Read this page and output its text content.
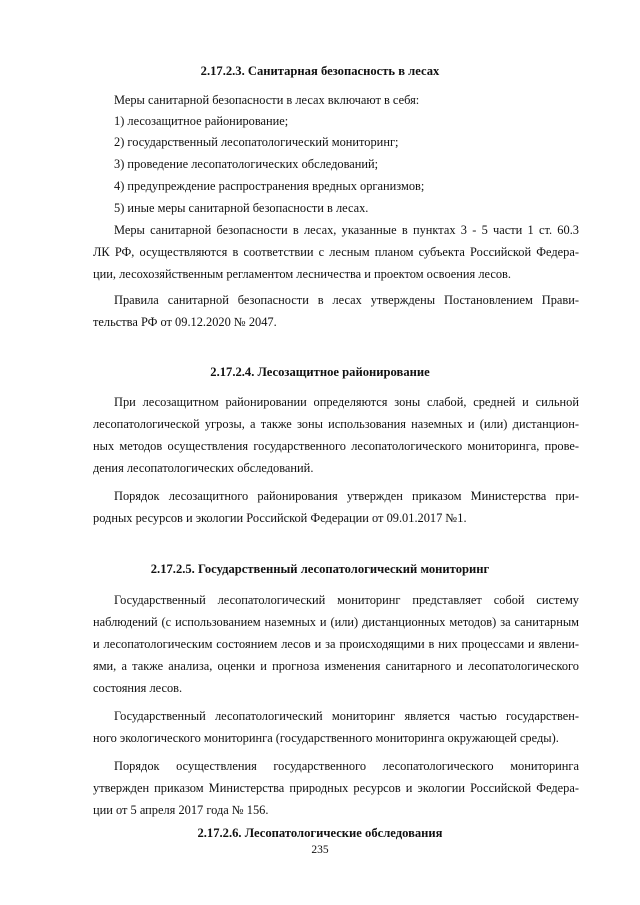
2.17.2.3. Санитарная безопасность в лесах
Меры санитарной безопасности в лесах включают в себя:
1) лесозащитное районирование;
2) государственный лесопатологический мониторинг;
3) проведение лесопатологических обследований;
4) предупреждение распространения вредных организмов;
5) иные меры санитарной безопасности в лесах.
Меры санитарной безопасности в лесах, указанные в пунктах 3 - 5 части 1 ст. 60.3
ЛК РФ, осуществляются в соответствии с лесным планом субъекта Российской Федера-
ции, лесохозяйственным регламентом лесничества и проектом освоения лесов.
Правила санитарной безопасности в лесах утверждены Постановлением Прави-
тельства РФ от 09.12.2020 № 2047.
2.17.2.4. Лесозащитное районирование
При лесозащитном районировании определяются зоны слабой, средней и сильной
лесопатологической угрозы, а также зоны использования наземных и (или) дистанцион-
ных методов осуществления государственного лесопатологического мониторинга, прове-
дения лесопатологических обследований.
Порядок лесозащитного районирования утвержден приказом Министерства при-
родных ресурсов и экологии Российской Федерации от 09.01.2017 №1.
2.17.2.5. Государственный лесопатологический мониторинг
Государственный лесопатологический мониторинг представляет собой систему
наблюдений (с использованием наземных и (или) дистанционных методов) за санитарным
и лесопатологическим состоянием лесов и за происходящими в них процессами и явлени-
ями, а также анализа, оценки и прогноза изменения санитарного и лесопатологического
состояния лесов.
Государственный лесопатологический мониторинг является частью государствен-
ного экологического мониторинга (государственного мониторинга окружающей среды).
Порядок осуществления государственного лесопатологического мониторинга
утвержден приказом Министерства природных ресурсов и экологии Российской Федера-
ции от 5 апреля 2017 года № 156.
2.17.2.6. Лесопатологические обследования
235
